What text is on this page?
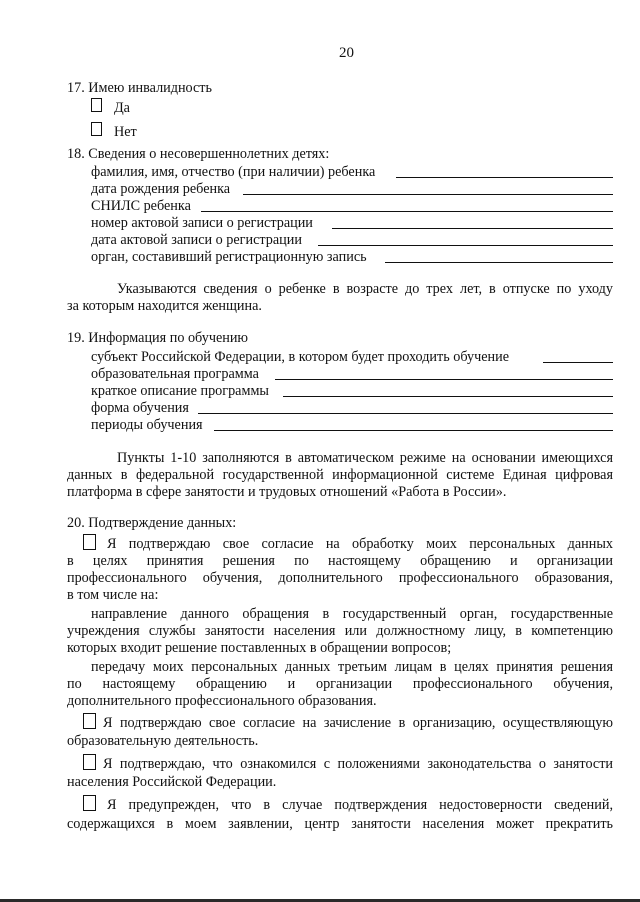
20
17. Имею инвалидность
Да
Нет
18. Сведения о несовершеннолетних детях:
фамилия, имя, отчество (при наличии) ребенка
дата рождения ребенка
СНИЛС ребенка
номер актовой записи о регистрации
дата актовой записи о регистрации
орган, составивший регистрационную запись
Указываются сведения о ребенке в возрасте до трех лет, в отпуске по уходу
за которым находится женщина.
19. Информация по обучению
субъект Российской Федерации, в котором будет проходить обучение
образовательная программа
краткое описание программы
форма обучения
периоды обучения
Пункты 1-10 заполняются в автоматическом режиме на основании имеющихся
данных в федеральной государственной информационной системе Единая цифровая
платформа в сфере занятости и трудовых отношений «Работа в России».
20. Подтверждение данных:
Я подтверждаю свое согласие на обработку моих персональных данных
в целях принятия решения по настоящему обращению и организации
профессионального обучения, дополнительного профессионального образования,
в том числе на:
направление данного обращения в государственный орган, государственные
учреждения службы занятости населения или должностному лицу, в компетенцию
которых входит решение поставленных в обращении вопросов;
передачу моих персональных данных третьим лицам в целях принятия решения
по настоящему обращению и организации профессионального обучения,
дополнительного профессионального образования.
Я подтверждаю свое согласие на зачисление в организацию, осуществляющую
образовательную деятельность.
Я подтверждаю, что ознакомился с положениями законодательства о занятости
населения Российской Федерации.
Я предупрежден, что в случае подтверждения недостоверности сведений,
содержащихся в моем заявлении, центр занятости населения может прекратить
